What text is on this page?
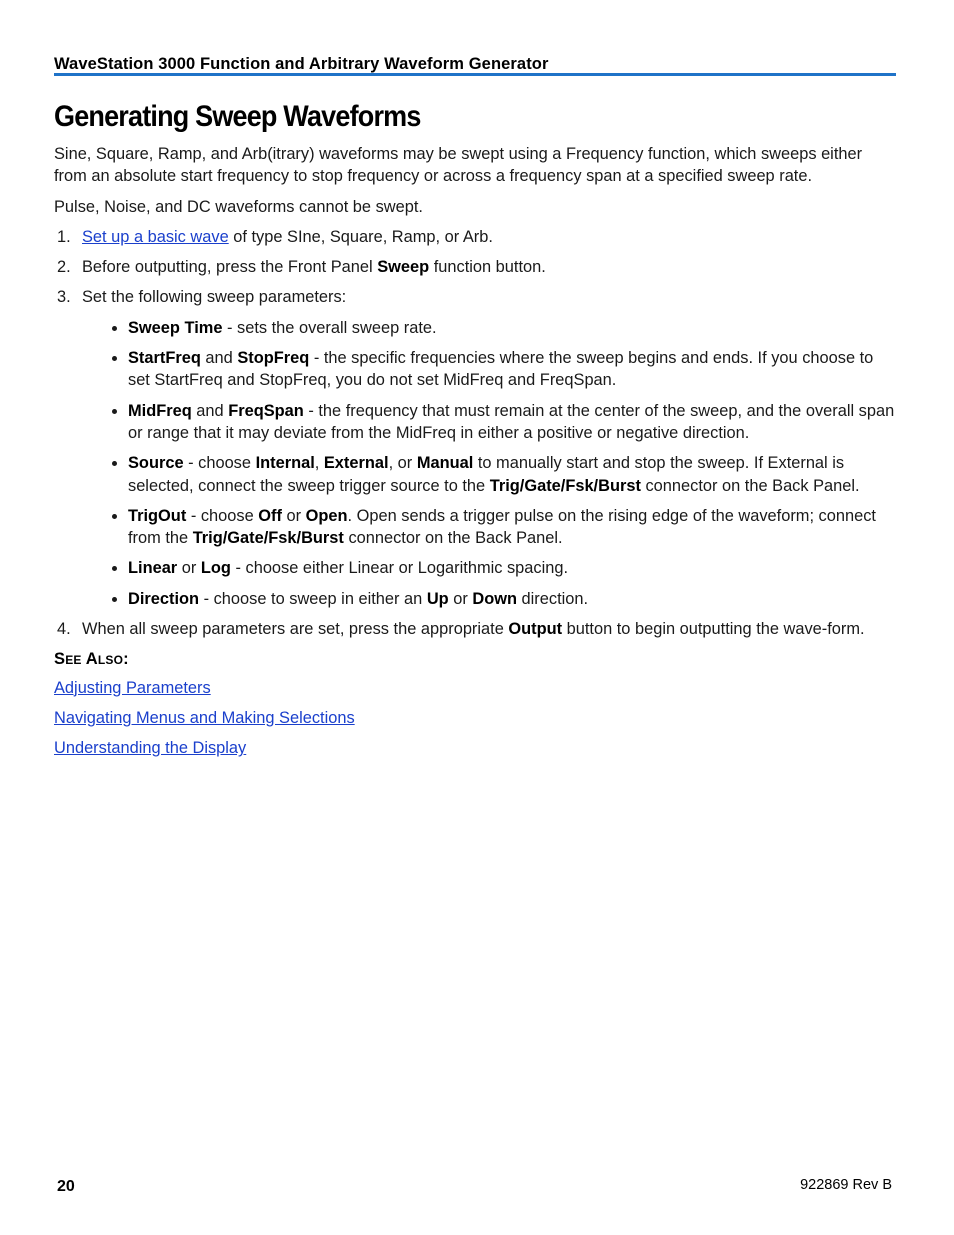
WaveStation 3000 Function and Arbitrary Waveform Generator
Generating Sweep Waveforms

Sine, Square, Ramp, and Arb(itrary) waveforms may be swept using a Frequency function, which sweeps either from an absolute start frequency to stop frequency or across a frequency span at a specified sweep rate.

Pulse, Noise, and DC waveforms cannot be swept.

1. Set up a basic wave of type SIne, Square, Ramp, or Arb.
2. Before outputting, press the Front Panel Sweep function button.
3. Set the following sweep parameters:
Sweep Time - sets the overall sweep rate.
StartFreq and StopFreq - the specific frequencies where the sweep begins and ends. If you choose to set StartFreq and StopFreq, you do not set MidFreq and FreqSpan.
MidFreq and FreqSpan - the frequency that must remain at the center of the sweep, and the overall span or range that it may deviate from the MidFreq in either a positive or negative direction.
Source - choose Internal, External, or Manual to manually start and stop the sweep. If External is selected, connect the sweep trigger source to the Trig/Gate/Fsk/Burst connector on the Back Panel.
TrigOut - choose Off or Open. Open sends a trigger pulse on the rising edge of the waveform; connect from the Trig/Gate/Fsk/Burst connector on the Back Panel.
Linear or Log - choose either Linear or Logarithmic spacing.
Direction - choose to sweep in either an Up or Down direction.
4. When all sweep parameters are set, press the appropriate Output button to begin outputting the wave-form.
See Also:
Adjusting Parameters
Navigating Menus and Making Selections
Understanding the Display
20	922869 Rev B
